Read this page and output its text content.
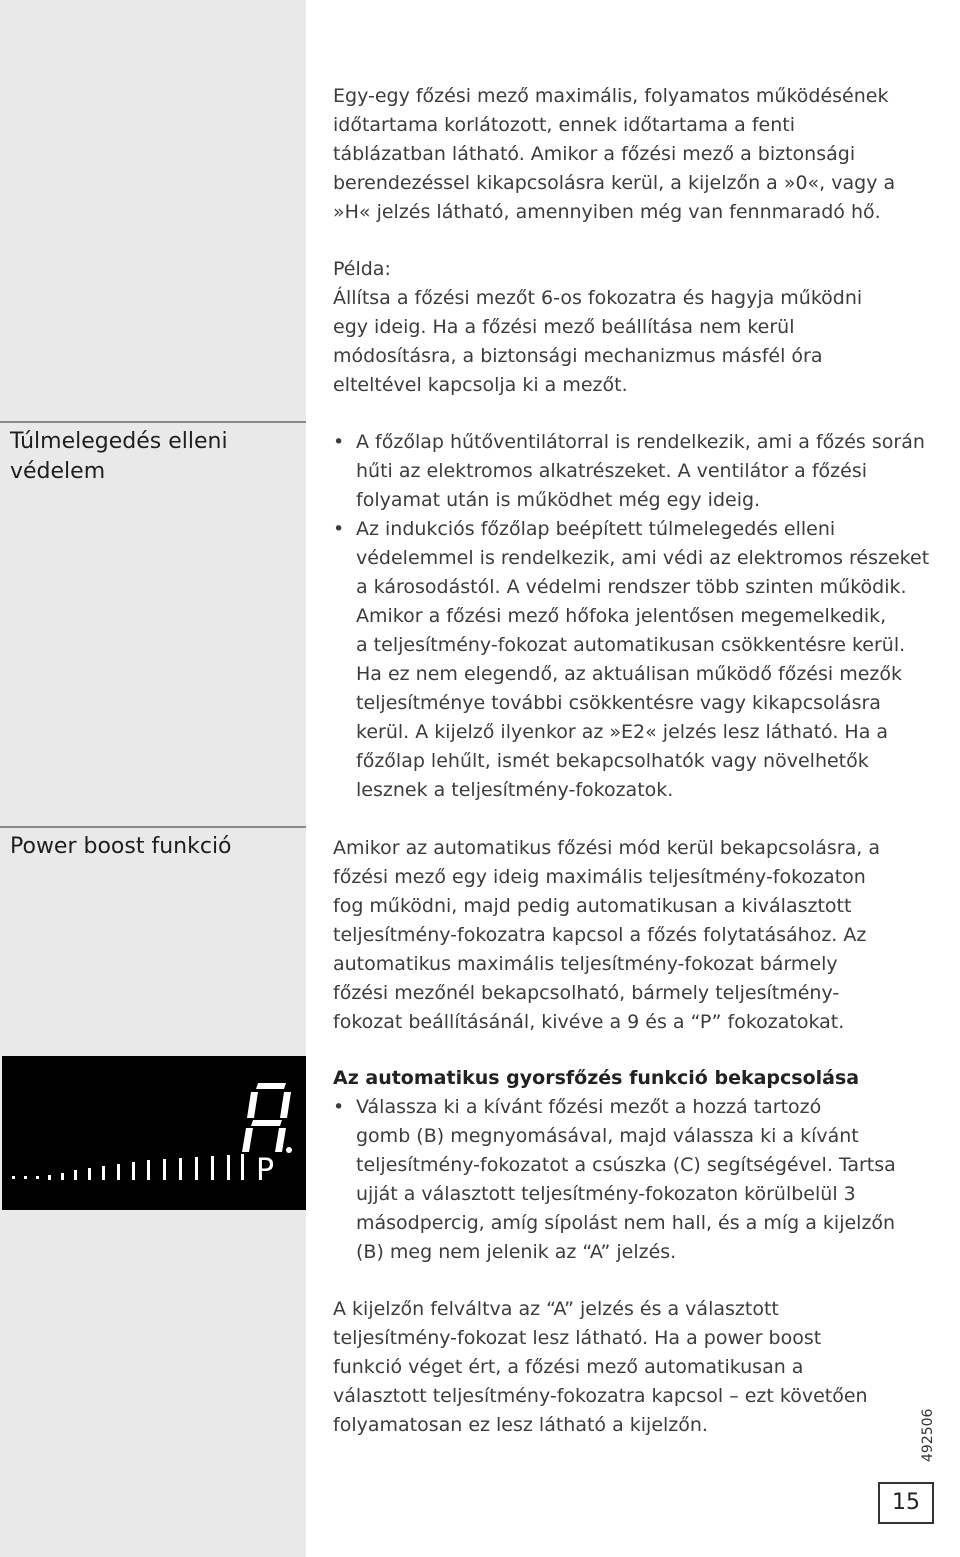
Egy-egy főzési mező maximális, folyamatos működésének
időtartama korlátozott, ennek időtartama a fenti
táblázatban látható. Amikor a főzési mező a biztonsági
berendezéssel kikapcsolásra kerül, a kijelzőn a »0«, vagy a
»H« jelzés látható, amennyiben még van fennmaradó hő.
Példa:
Állítsa a főzési mezőt 6-os fokozatra és hagyja működni
egy ideig. Ha a főzési mező beállítása nem kerül
módosításra, a biztonsági mechanizmus másfél óra
elteltével kapcsolja ki a mezőt.
Túlmelegedés elleni
védelem
• A főzőlap hűtőventilátorral is rendelkezik, ami a főzés során
hűti az elektromos alkatrészeket. A ventilátor a főzési
folyamat után is működhet még egy ideig.
• Az indukciós főzőlap beépített túlmelegedés elleni
védelemmel is rendelkezik, ami védi az elektromos részeket
a károsodástól. A védelmi rendszer több szinten működik.
Amikor a főzési mező hőfoka jelentősen megemelkedik,
a teljesítmény-fokozat automatikusan csökkentésre kerül.
Ha ez nem elegendő, az aktuálisan működő főzési mezők
teljesítménye további csökkentésre vagy kikapcsolásra
kerül. A kijelző ilyenkor az »E2« jelzés lesz látható. Ha a
főzőlap lehűlt, ismét bekapcsolhatók vagy növelhetők
lesznek a teljesítmény-fokozatok.
Power boost funkció	Amikor az automatikus főzési mód kerül bekapcsolásra, a
főzési mező egy ideig maximális teljesítmény-fokozaton
fog működni, majd pedig automatikusan a kiválasztott
teljesítmény-fokozatra kapcsol a főzés folytatásához. Az
automatikus maximális teljesítmény-fokozat bármely
főzési mezőnél bekapcsolható, bármely teljesítmény-
fokozat beállításánál, kivéve a 9 és a “P” fokozatokat.
P
Az automatikus gyorsfőzés funkció bekapcsolása
• Válassza ki a kívánt főzési mezőt a hozzá tartozó
gomb (B) megnyomásával, majd válassza ki a kívánt
teljesítmény-fokozatot a csúszka (C) segítségével. Tartsa
ujját a választott teljesítmény-fokozaton körülbelül 3
másodpercig, amíg sípolást nem hall, és a míg a kijelzőn
(B) meg nem jelenik az “A” jelzés.
A kijelzőn felváltva az “A” jelzés és a választott
teljesítmény-fokozat lesz látható. Ha a power boost
funkció véget ért, a főzési mező automatikusan a
választott teljesítmény-fokozatra kapcsol – ezt követően
folyamatosan ez lesz látható a kijelzőn.	492506
15
